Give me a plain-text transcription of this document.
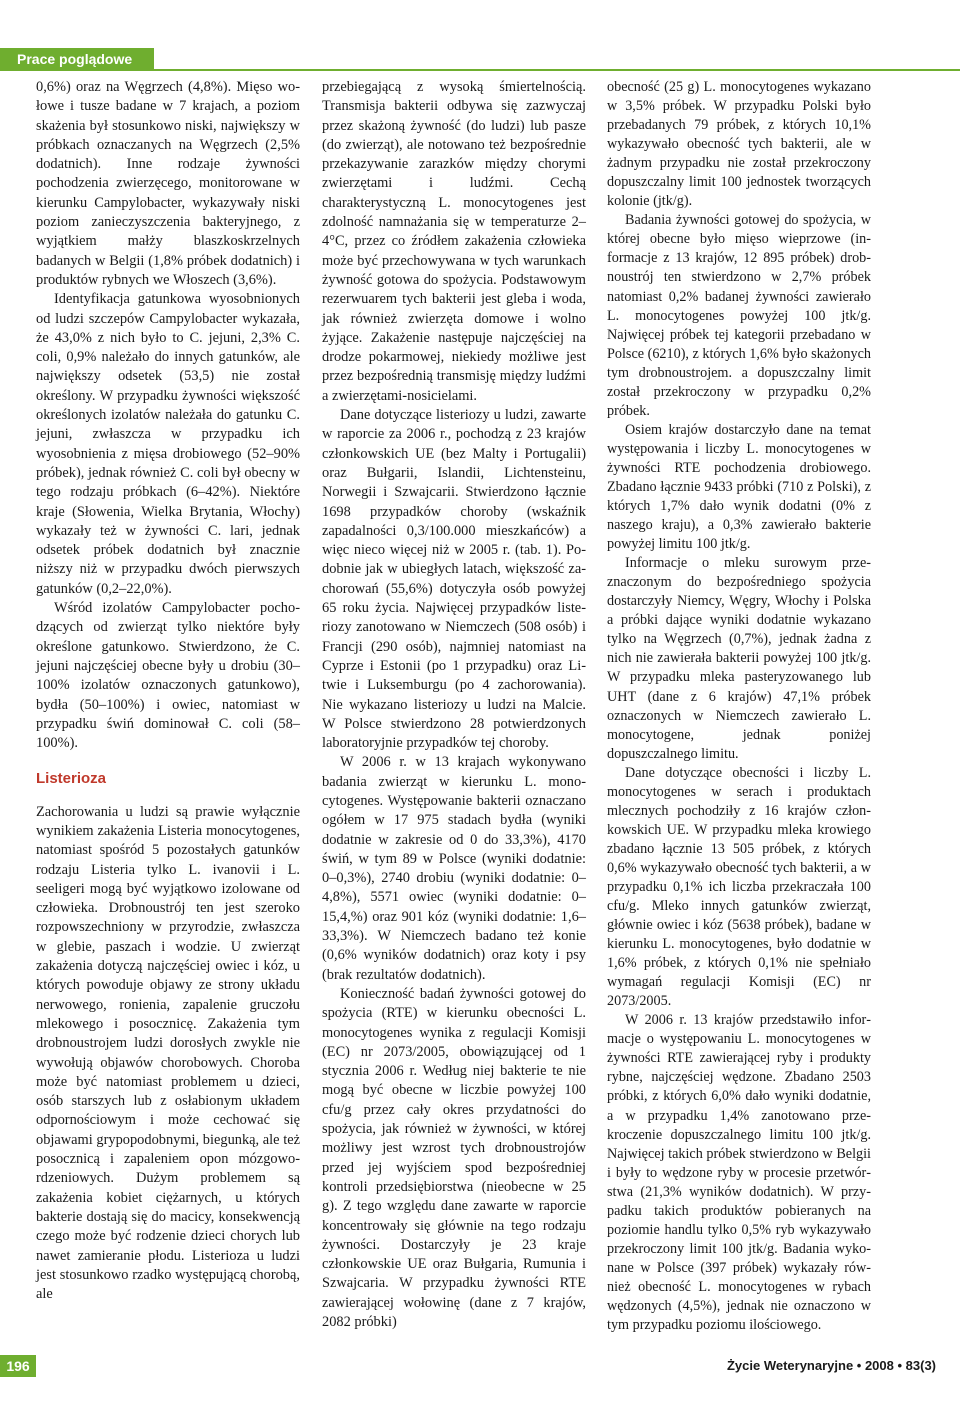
Prace poglądowe

0,6%) oraz na Węgrzech (4,8%). Mięso wołowe i tusze badane w 7 krajach, a poziom skażenia był stosunkowo niski, największy w próbkach oznaczanych na Węgrzech (2,5% dodatnich). Inne rodzaje żywności pochodzenia zwierzęcego, monitorowane w kierunku Campylobacter, wykazywały niski poziom zanieczyszczenia bakteryjnego, z wyjątkiem małży blaszkoskrzelnych badanych w Belgii (1,8% próbek dodatnich) i produktów rybnych we Włoszech (3,6%).

Identyfikacja gatunkowa wyosobnionych od ludzi szczepów Campylobacter wykazała, że 43,0% z nich było to C. jejuni, 2,3% C. coli, 0,9% należało do innych gatunków, ale największy odsetek (53,5) nie został określony. W przypadku żywności większość określonych izolatów należała do gatunku C. jejuni, zwłaszcza w przypadku ich wyosobnienia z mięsa drobiowego (52–90% próbek), jednak również C. coli był obecny w tego rodzaju próbkach (6–42%). Niektóre kraje (Słowenia, Wielka Brytania, Włochy) wykazały też w żywności C. lari, jednak odsetek próbek dodatnich był znacznie niższy niż w przypadku dwóch pierwszych gatunków (0,2–22,0%).

Wśród izolatów Campylobacter pochodzących od zwierząt tylko niektóre były określone gatunkowo. Stwierdzono, że C. jejuni najczęściej obecne były u drobiu (30–100% izolatów oznaczonych gatunkowo), bydła (50–100%) i owiec, natomiast w przypadku świń dominował C. coli (58–100%).

Listerioza

Zachorowania u ludzi są prawie wyłącznie wynikiem zakażenia Listeria monocytogenes, natomiast spośród 5 pozostałych gatunków rodzaju Listeria tylko L. ivanovii i L. seeligeri mogą być wyjątkowo izolowane od człowieka. Drobnoustrój ten jest szeroko rozpowszechniony w przyrodzie, zwłaszcza w glebie, paszach i wodzie. U zwierząt zakażenia dotyczą najczęściej owiec i kóz, u których powoduje objawy ze strony układu nerwowego, ronienia, zapalenie gruczołu mlekowego i posocznicę. Zakażenia tym drobnoustrojem ludzi dorosłych zwykle nie wywołują objawów chorobowych. Choroba może być natomiast problemem u dzieci, osób starszych lub z osłabionym układem odpornościowym i może cechować się objawami grypopodobnymi, biegunką, ale też posocznicą i zapaleniem opon mózgowo-rdzeniowych. Dużym problemem są zakażenia kobiet ciężarnych, u których bakterie dostają się do macicy, konsekwencją czego może być rodzenie dzieci chorych lub nawet zamieranie płodu. Listerioza u ludzi jest stosunkowo rzadko występującą chorobą, ale

przebiegającą z wysoką śmiertelnością. Transmisja bakterii odbywa się zazwyczaj przez skażoną żywność (do ludzi) lub pasze (do zwierząt), ale notowano też bezpośrednie przekazywanie zarazków między chorymi zwierzętami i ludźmi. Cechą charakterystyczną L. monocytogenes jest zdolność namnażania się w temperaturze 2–4°C, przez co źródłem zakażenia człowieka może być przechowywana w tych warunkach żywność gotowa do spożycia. Podstawowym rezerwuarem tych bakterii jest gleba i woda, jak również zwierzęta domowe i wolno żyjące. Zakażenie następuje najczęściej na drodze pokarmowej, niekiedy możliwe jest przez bezpośrednią transmisję między ludźmi a zwierzętami-nosicielami.

Dane dotyczące listeriozy u ludzi, zawarte w raporcie za 2006 r., pochodzą z 23 krajów członkowskich UE (bez Malty i Portugalii) oraz Bułgarii, Islandii, Lichtensteinu, Norwegii i Szwajcarii. Stwierdzono łącznie 1698 przypadków choroby (wskaźnik zapadalności 0,3/100.000 mieszkańców) a więc nieco więcej niż w 2005 r. (tab. 1). Podobnie jak w ubiegłych latach, większość zachorowań (55,6%) dotyczyła osób powyżej 65 roku życia. Najwięcej przypadków listeriozy zanotowano w Niemczech (508 osób) i Francji (290 osób), najmniej natomiast na Cyprze i Estonii (po 1 przypadku) oraz Litwie i Luksemburgu (po 4 zachorowania). Nie wykazano listeriozy u ludzi na Malcie. W Polsce stwierdzono 28 potwierdzonych laboratoryjnie przypadków tej choroby.

W 2006 r. w 13 krajach wykonywano badania zwierząt w kierunku L. monocytogenes. Występowanie bakterii oznaczano ogółem w 17 975 stadach bydła (wyniki dodatnie w zakresie od 0 do 33,3%), 4170 świń, w tym 89 w Polsce (wyniki dodatnie: 0–0,3%), 2740 drobiu (wyniki dodatnie: 0–4,8%), 5571 owiec (wyniki dodatnie: 0–15,4,%) oraz 901 kóz (wyniki dodatnie: 1,6–33,3%). W Niemczech badano też konie (0,6% wyników dodatnich) oraz koty i psy (brak rezultatów dodatnich).

Konieczność badań żywności gotowej do spożycia (RTE) w kierunku obecności L. monocytogenes wynika z regulacji Komisji (EC) nr 2073/2005, obowiązującej od 1 stycznia 2006 r. Według niej bakterie te nie mogą być obecne w liczbie powyżej 100 cfu/g przez cały okres przydatności do spożycia, jak również w żywności, w której możliwy jest wzrost tych drobnoustrojów przed jej wyjściem spod bezpośredniej kontroli przedsiębiorstwa (nieobecne w 25 g). Z tego względu dane zawarte w raporcie koncentrowały się głównie na tego rodzaju żywności. Dostarczyły je 23 kraje członkowskie UE oraz Bułgaria, Rumunia i Szwajcaria. W przypadku żywności RTE zawierającej wołowinę (dane z 7 krajów, 2082 próbki)

obecność (25 g) L. monocytogenes wykazano w 3,5% próbek. W przypadku Polski było przebadanych 79 próbek, z których 10,1% wykazywało obecność tych bakterii, ale w żadnym przypadku nie został przekroczony dopuszczalny limit 100 jednostek tworzących kolonie (jtk/g).

Badania żywności gotowej do spożycia, w której obecne było mięso wieprzowe (informacje z 13 krajów, 12 895 próbek) drobnoustrój ten stwierdzono w 2,7% próbek natomiast 0,2% badanej żywności zawierało L. monocytogenes powyżej 100 jtk/g. Najwięcej próbek tej kategorii przebadano w Polsce (6210), z których 1,6% było skażonych tym drobnoustrojem. a dopuszczalny limit został przekroczony w przypadku 0,2% próbek.

Osiem krajów dostarczyło dane na temat występowania i liczby L. monocytogenes w żywności RTE pochodzenia drobiowego. Zbadano łącznie 9433 próbki (710 z Polski), z których 1,7% dało wynik dodatni (0% z naszego kraju), a 0,3% zawierało bakterie powyżej limitu 100 jtk/g.

Informacje o mleku surowym przeznaczonym do bezpośredniego spożycia dostarczyły Niemcy, Węgry, Włochy i Polska a próbki dające wyniki dodatnie wykazano tylko na Węgrzech (0,7%), jednak żadna z nich nie zawierała bakterii powyżej 100 jtk/g. W przypadku mleka pasteryzowanego lub UHT (dane z 6 krajów) 47,1% próbek oznaczonych w Niemczech zawierało L. monocytogene, jednak poniżej dopuszczalnego limitu.

Dane dotyczące obecności i liczby L. monocytogenes w serach i produktach mlecznych pochodziły z 16 krajów członkowskich UE. W przypadku mleka krowiego zbadano łącznie 13 505 próbek, z których 0,6% wykazywało obecność tych bakterii, a w przypadku 0,1% ich liczba przekraczała 100 cfu/g. Mleko innych gatunków zwierząt, głównie owiec i kóz (5638 próbek), badane w kierunku L. monocytogenes, było dodatnie w 1,6% próbek, z których 0,1% nie spełniało wymagań regulacji Komisji (EC) nr 2073/2005.

W 2006 r. 13 krajów przedstawiło informacje o występowaniu L. monocytogenes w żywności RTE zawierającej ryby i produkty rybne, najczęściej wędzone. Zbadano 2503 próbki, z których 6,0% dało wyniki dodatnie, a w przypadku 1,4% zanotowano przekroczenie dopuszczalnego limitu 100 jtk/g. Najwięcej takich próbek stwierdzono w Belgii i były to wędzone ryby w procesie przetwórstwa (21,3% wyników dodatnich). W przypadku takich produktów pobieranych na poziomie handlu tylko 0,5% ryb wykazywało przekroczony limit 100 jtk/g. Badania wykonane w Polsce (397 próbek) wykazały również obecność L. monocytogenes w rybach wędzonych (4,5%), jednak nie oznaczono w tym przypadku poziomu ilościowego.

196	Życie Weterynaryjne • 2008 • 83(3)
